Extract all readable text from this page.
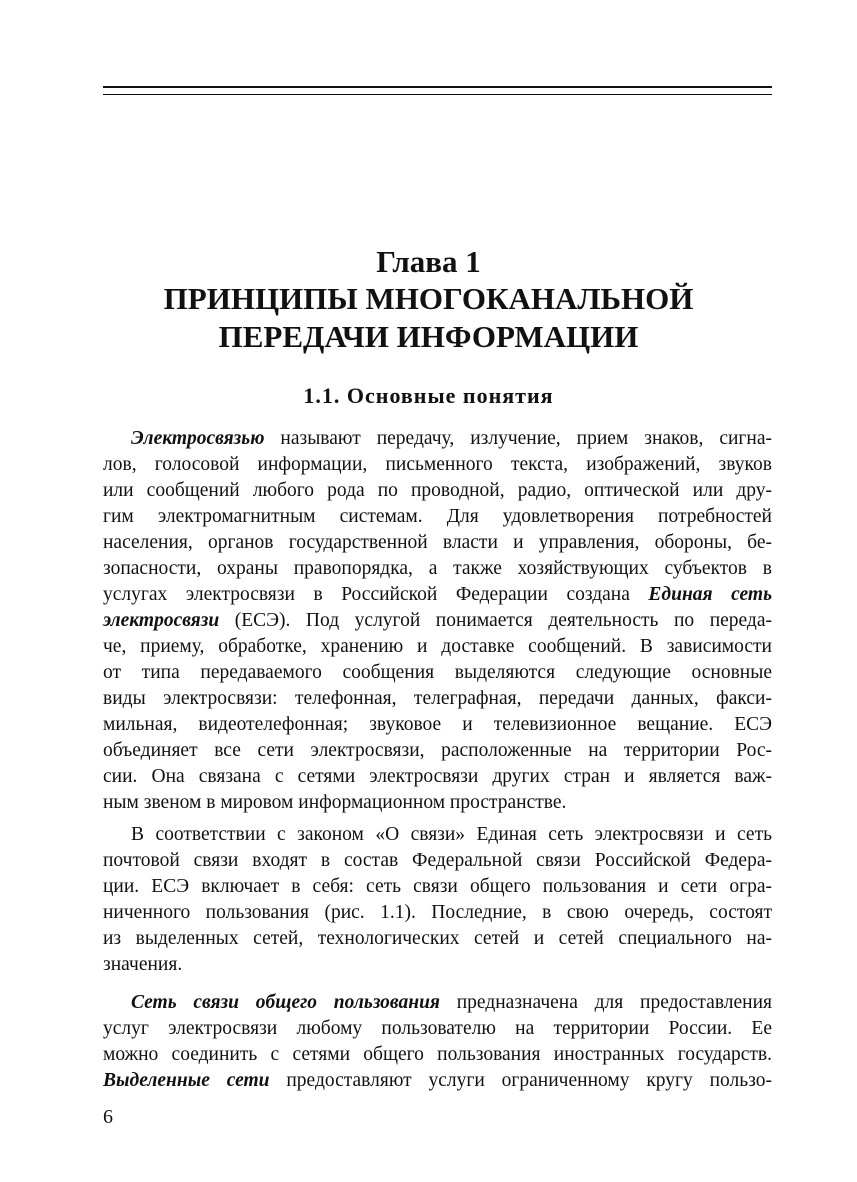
Глава 1
ПРИНЦИПЫ МНОГОКАНАЛЬНОЙ
ПЕРЕДАЧИ ИНФОРМАЦИИ
1.1. Основные понятия
Электросвязью называют передачу, излучение, прием знаков, сигна-
лов, голосовой информации, письменного текста, изображений, звуков
или сообщений любого рода по проводной, радио, оптической или дру-
гим электромагнитным системам. Для удовлетворения потребностей
населения, органов государственной власти и управления, обороны, бе-
зопасности, охраны правопорядка, а также хозяйствующих субъектов в
услугах электросвязи в Российской Федерации создана Единая сеть
электросвязи (ЕСЭ). Под услугой понимается деятельность по переда-
че, приему, обработке, хранению и доставке сообщений. В зависимости
от типа передаваемого сообщения выделяются следующие основные
виды электросвязи: телефонная, телеграфная, передачи данных, факси-
мильная, видеотелефонная; звуковое и телевизионное вещание. ЕСЭ
объединяет все сети электросвязи, расположенные на территории Рос-
сии. Она связана с сетями электросвязи других стран и является важ-
ным звеном в мировом информационном пространстве.
В соответствии с законом «О связи» Единая сеть электросвязи и сеть
почтовой связи входят в состав Федеральной связи Российской Федера-
ции. ЕСЭ включает в себя: сеть связи общего пользования и сети огра-
ниченного пользования (рис. 1.1). Последние, в свою очередь, состоят
из выделенных сетей, технологических сетей и сетей специального на-
значения.
Сеть связи общего пользования предназначена для предоставления
услуг электросвязи любому пользователю на территории России. Ее
можно соединить с сетями общего пользования иностранных государств.
Выделенные сети предоставляют услуги ограниченному кругу пользо-

6
